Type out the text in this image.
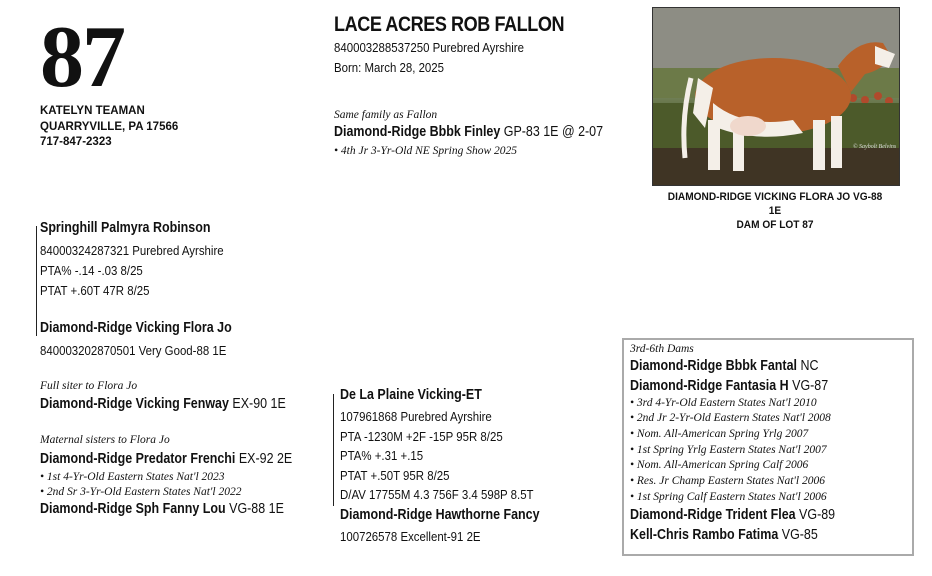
87
KATELYN TEAMAN
QUARRYVILLE, PA 17566
717-847-2323
LACE ACRES ROB FALLON
840003288537250 Purebred Ayrshire
Born: March 28, 2025
Same family as Fallon
Diamond-Ridge Bbbk Finley GP-83 1E @ 2-07
• 4th Jr 3-Yr-Old NE Spring Show 2025	© Saybolt Belvins
DIAMOND-RIDGE VICKING FLORA JO VG-88 1E
DAM OF LOT 87
Springhill Palmyra Robinson
84000324287321 Purebred Ayrshire
PTA% -.14 -.03 8/25
PTAT +.60T 47R 8/25
Diamond-Ridge Vicking Flora Jo
840003202870501 Very Good-88 1E
Full siter to Flora Jo
Diamond-Ridge Vicking Fenway EX-90 1E
Maternal sisters to Flora Jo
Diamond-Ridge Predator Frenchi EX-92 2E
• 1st 4-Yr-Old Eastern States Nat'l 2023
• 2nd Sr 3-Yr-Old Eastern States Nat'l 2022
Diamond-Ridge Sph Fanny Lou VG-88 1E
De La Plaine Vicking-ET
107961868 Purebred Ayrshire
PTA -1230M +2F -15P 95R 8/25
PTA% +.31 +.15
PTAT +.50T 95R 8/25
D/AV 17755M 4.3 756F 3.4 598P 8.5T
Diamond-Ridge Hawthorne Fancy
100726578 Excellent-91 2E
3rd-6th Dams
Diamond-Ridge Bbbk Fantal NC
Diamond-Ridge Fantasia H VG-87
• 3rd 4-Yr-Old Eastern States Nat'l 2010
• 2nd Jr 2-Yr-Old Eastern States Nat'l 2008
• Nom. All-American Spring Yrlg 2007
• 1st Spring Yrlg Eastern States Nat'l 2007
• Nom. All-American Spring Calf 2006
• Res. Jr Champ Eastern States Nat'l 2006
• 1st Spring Calf Eastern States Nat'l 2006
Diamond-Ridge Trident Flea VG-89
Kell-Chris Rambo Fatima VG-85
